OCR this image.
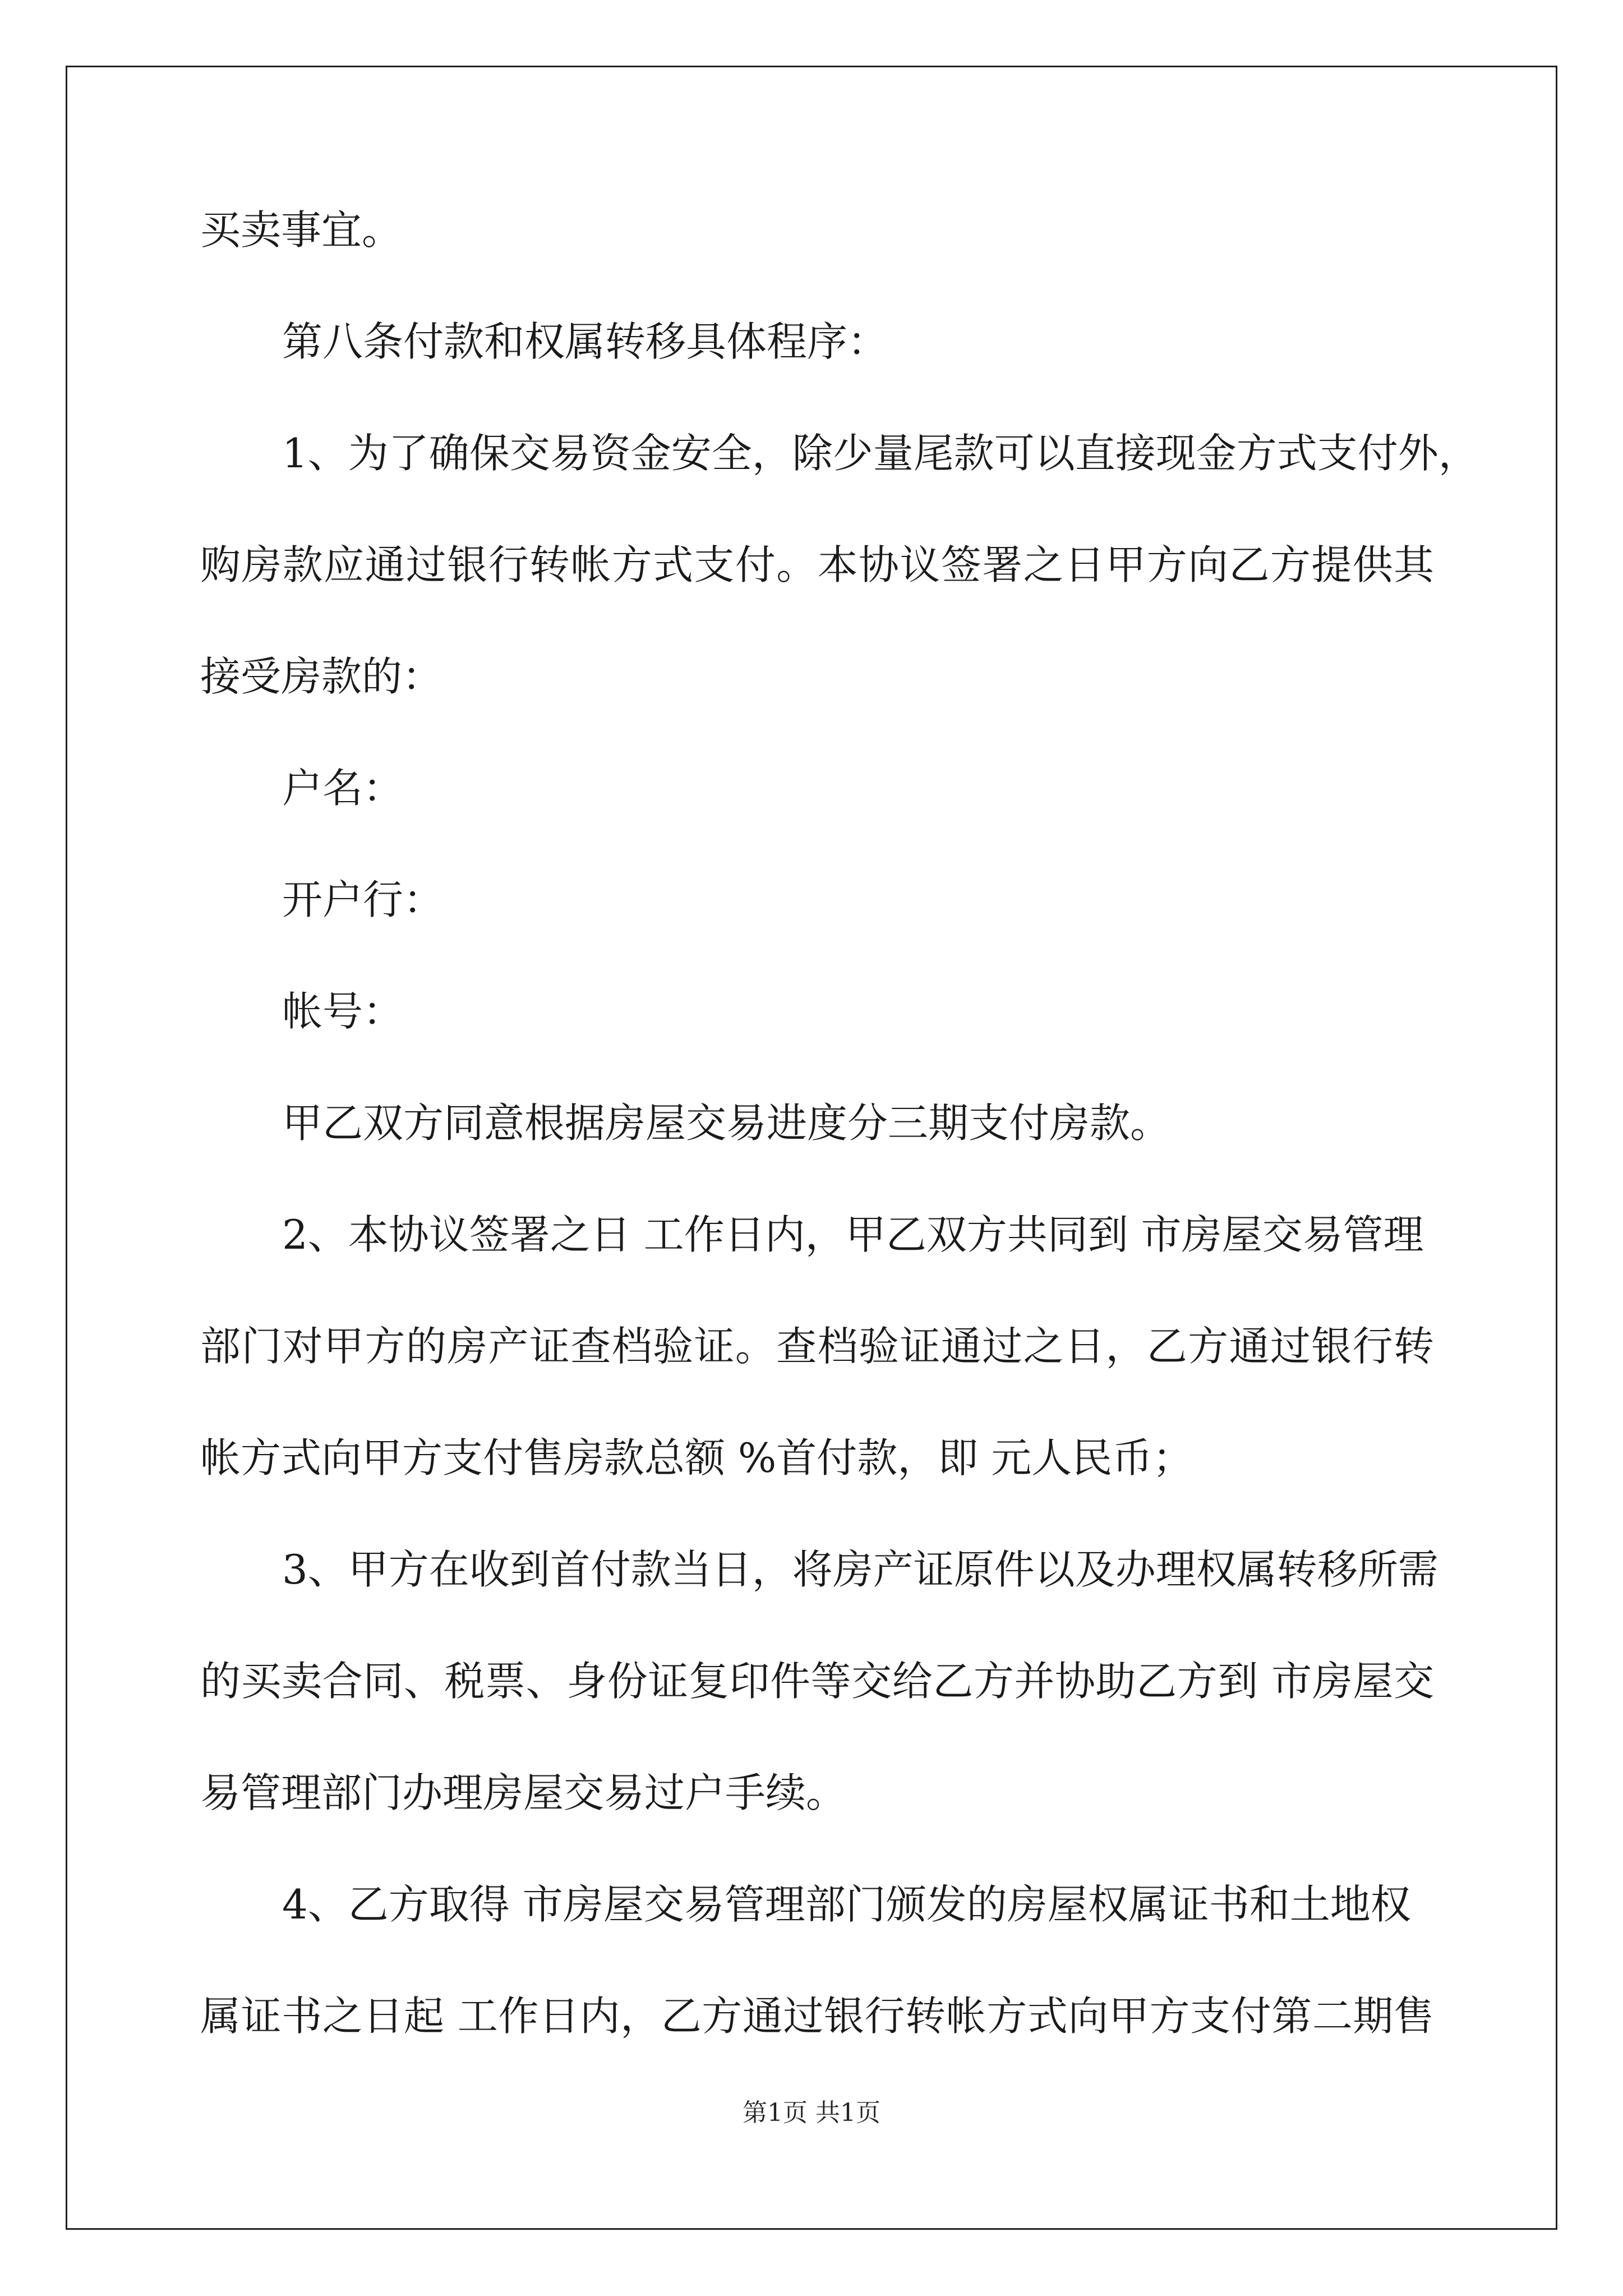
买卖事宜。

第八条付款和权属转移具体程序：

1、为了确保交易资金安全，除少量尾款可以直接现金方式支付外，

购房款应通过银行转帐方式支付。本协议签署之日甲方向乙方提供其

接受房款的：

户名：

开户行：

帐号：

甲乙双方同意根据房屋交易进度分三期支付房款。

2、本协议签署之日 工作日内，甲乙双方共同到 市房屋交易管理

部门对甲方的房产证查档验证。查档验证通过之日，乙方通过银行转

帐方式向甲方支付售房款总额 %首付款，即 元人民币；

3、甲方在收到首付款当日，将房产证原件以及办理权属转移所需

的买卖合同、税票、身份证复印件等交给乙方并协助乙方到 市房屋交

易管理部门办理房屋交易过户手续。

4、乙方取得 市房屋交易管理部门颁发的房屋权属证书和土地权

属证书之日起 工作日内，乙方通过银行转帐方式向甲方支付第二期售

第1页 共1页
